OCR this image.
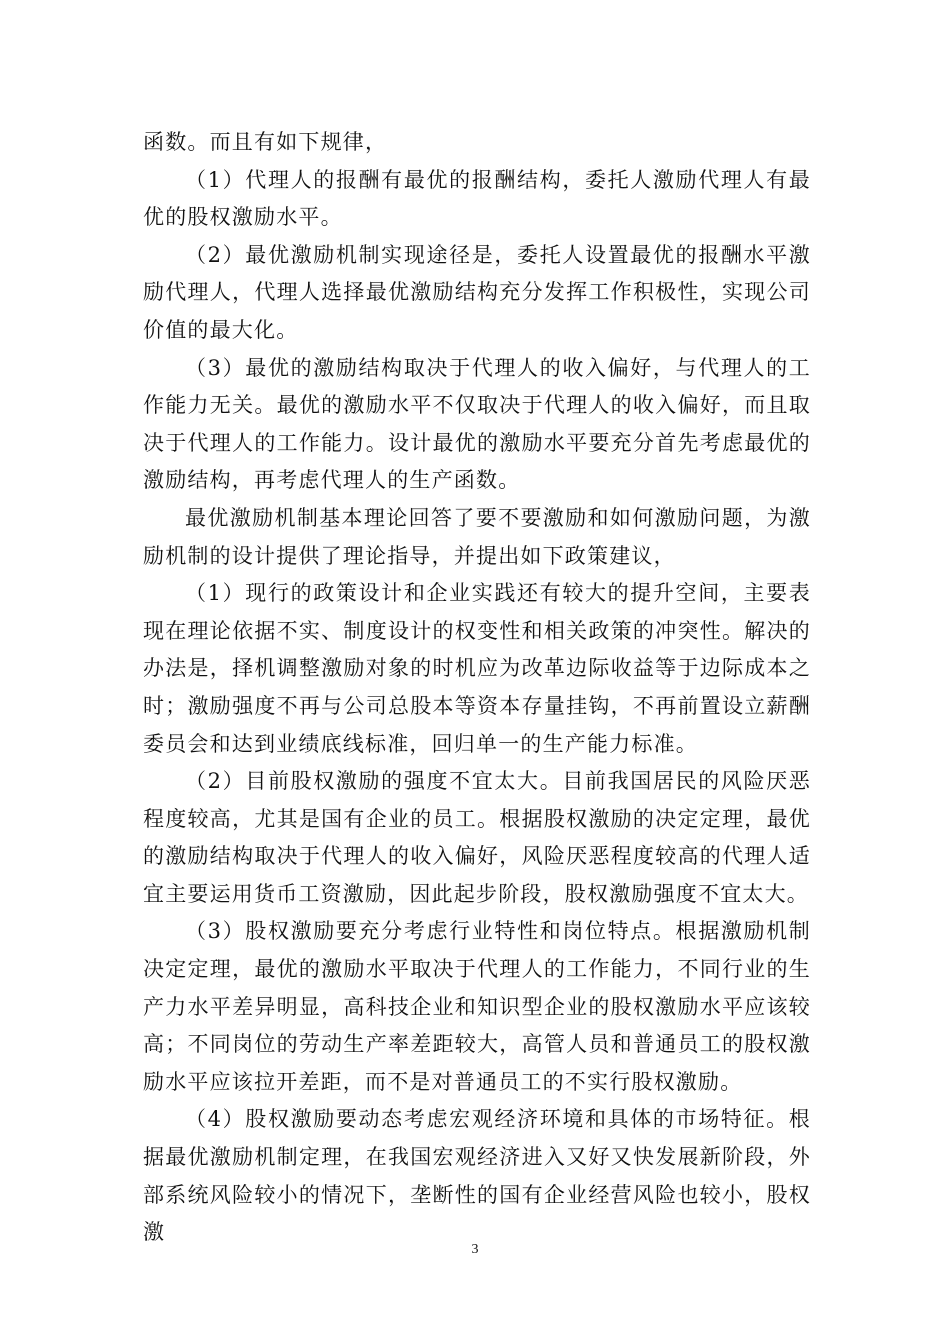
函数。而且有如下规律，

（1）代理人的报酬有最优的报酬结构，委托人激励代理人有最优的股权激励水平。

（2）最优激励机制实现途径是，委托人设置最优的报酬水平激励代理人，代理人选择最优激励结构充分发挥工作积极性，实现公司价值的最大化。

（3）最优的激励结构取决于代理人的收入偏好，与代理人的工作能力无关。最优的激励水平不仅取决于代理人的收入偏好，而且取决于代理人的工作能力。设计最优的激励水平要充分首先考虑最优的激励结构，再考虑代理人的生产函数。

最优激励机制基本理论回答了要不要激励和如何激励问题，为激励机制的设计提供了理论指导，并提出如下政策建议，

（1）现行的政策设计和企业实践还有较大的提升空间，主要表现在理论依据不实、制度设计的权变性和相关政策的冲突性。解决的办法是，择机调整激励对象的时机应为改革边际收益等于边际成本之时；激励强度不再与公司总股本等资本存量挂钩，不再前置设立薪酬委员会和达到业绩底线标准，回归单一的生产能力标准。

（2）目前股权激励的强度不宜太大。目前我国居民的风险厌恶程度较高，尤其是国有企业的员工。根据股权激励的决定定理，最优的激励结构取决于代理人的收入偏好，风险厌恶程度较高的代理人适宜主要运用货币工资激励，因此起步阶段，股权激励强度不宜太大。

（3）股权激励要充分考虑行业特性和岗位特点。根据激励机制决定定理，最优的激励水平取决于代理人的工作能力，不同行业的生产力水平差异明显，高科技企业和知识型企业的股权激励水平应该较高；不同岗位的劳动生产率差距较大，高管人员和普通员工的股权激励水平应该拉开差距，而不是对普通员工的不实行股权激励。

（4）股权激励要动态考虑宏观经济环境和具体的市场特征。根据最优激励机制定理，在我国宏观经济进入又好又快发展新阶段，外部系统风险较小的情况下，垄断性的国有企业经营风险也较小，股权激

3
